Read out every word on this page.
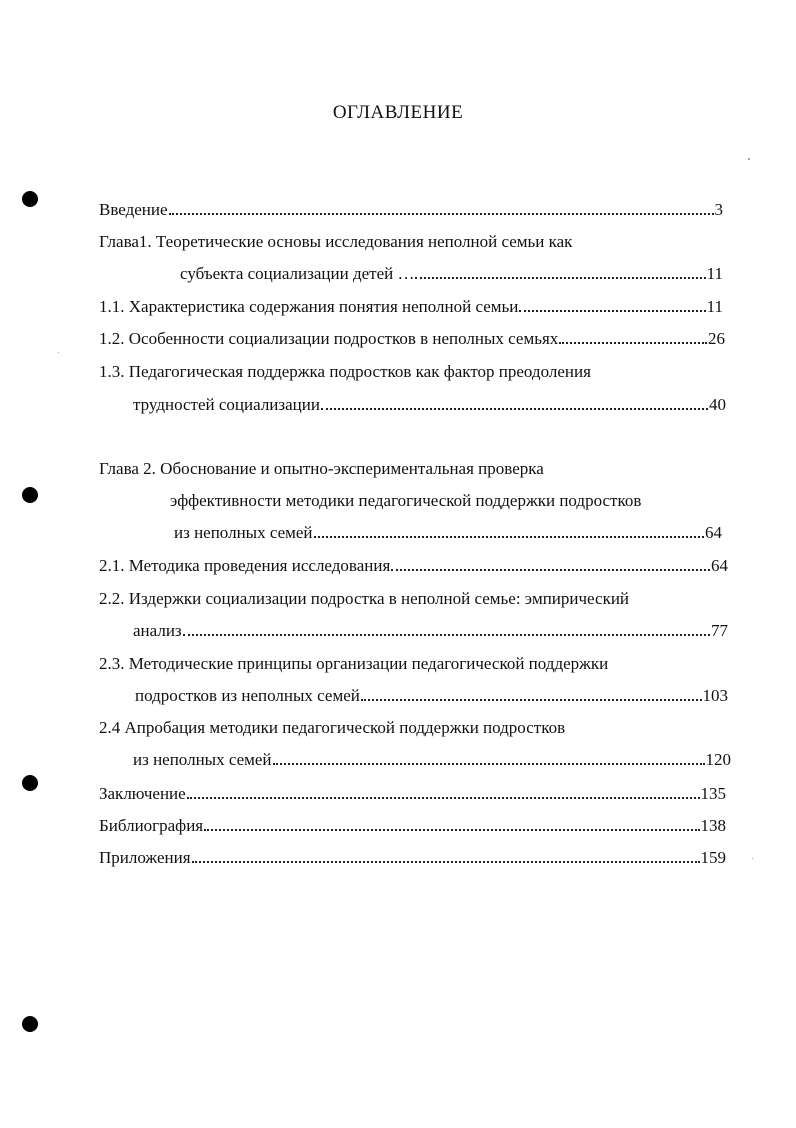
ОГЛАВЛЕНИЕ
Введение	3
Глава1. Теоретические основы исследования неполной семьи как
субъекта социализации детей …	11
1.1. Характеристика содержания понятия неполной семьи	11
1.2. Особенности социализации подростков в неполных семьях	26
1.3. Педагогическая поддержка подростков как фактор преодоления
трудностей социализации	40
Глава 2. Обоснование и опытно-экспериментальная проверка
эффективности методики педагогической поддержки подростков
из неполных семей	64
2.1. Методика проведения исследования	64
2.2. Издержки социализации подростка в неполной семье: эмпирический
анализ	77
2.3. Методические принципы организации педагогической поддержки
подростков из неполных семей	103
2.4 Апробация методики педагогической поддержки подростков
из неполных семей	120
Заключение	135
Библиография	138
Приложения	159
